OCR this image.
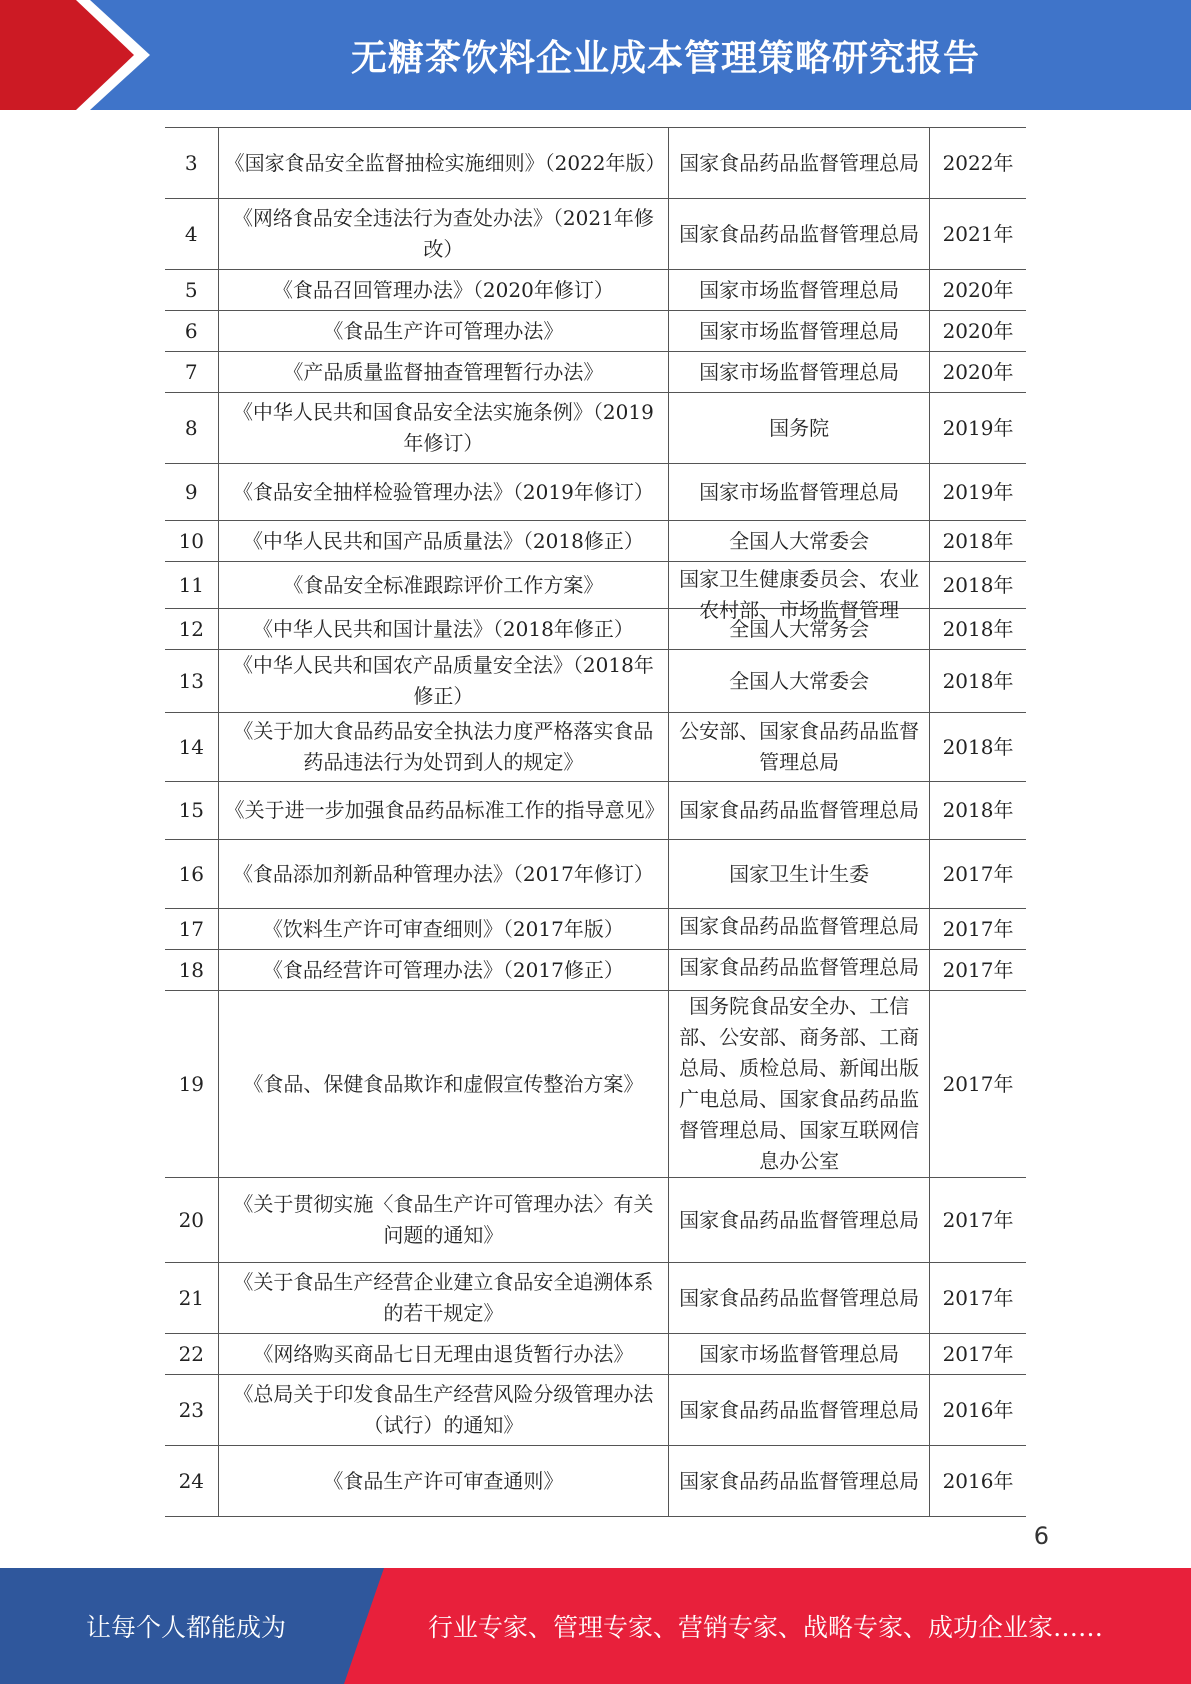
无糖茶饮料企业成本管理策略研究报告
3	《国家食品安全监督抽检实施细则》（2022年版）	国家食品药品监督管理总局	2022年
4	《网络食品安全违法行为查处办法》（2021年修改）	国家食品药品监督管理总局	2021年
5	《食品召回管理办法》（2020年修订）	国家市场监督管理总局	2020年
6	《食品生产许可管理办法》	国家市场监督管理总局	2020年
7	《产品质量监督抽查管理暂行办法》	国家市场监督管理总局	2020年
8	《中华人民共和国食品安全法实施条例》（2019年修订）	国务院	2019年
9	《食品安全抽样检验管理办法》（2019年修订）	国家市场监督管理总局	2019年
10	《中华人民共和国产品质量法》（2018修正）	全国人大常委会	2018年
11	《食品安全标准跟踪评价工作方案》	国家卫生健康委员会、农业农村部、市场监督管理	2018年
12	《中华人民共和国计量法》（2018年修正）	全国人大常务会	2018年
13	《中华人民共和国农产品质量安全法》（2018年修正）	全国人大常委会	2018年
14	《关于加大食品药品安全执法力度严格落实食品药品违法行为处罚到人的规定》	公安部、国家食品药品监督管理总局	2018年
15	《关于进一步加强食品药品标准工作的指导意见》	国家食品药品监督管理总局	2018年
16	《食品添加剂新品种管理办法》（2017年修订）	国家卫生计生委	2017年
17	《饮料生产许可审查细则》（2017年版）	国家食品药品监督管理总局	2017年
18	《食品经营许可管理办法》（2017修正）	国家食品药品监督管理总局	2017年
19	《食品、保健食品欺诈和虚假宣传整治方案》	国务院食品安全办、工信部、公安部、商务部、工商总局、质检总局、新闻出版广电总局、国家食品药品监督管理总局、国家互联网信息办公室	2017年
20	《关于贯彻实施〈食品生产许可管理办法〉有关问题的通知》	国家食品药品监督管理总局	2017年
21	《关于食品生产经营企业建立食品安全追溯体系的若干规定》	国家食品药品监督管理总局	2017年
22	《网络购买商品七日无理由退货暂行办法》	国家市场监督管理总局	2017年
23	《总局关于印发食品生产经营风险分级管理办法（试行）的通知》	国家食品药品监督管理总局	2016年
24	《食品生产许可审查通则》	国家食品药品监督管理总局	2016年
6
让每个人都能成为	行业专家、管理专家、营销专家、战略专家、成功企业家……
